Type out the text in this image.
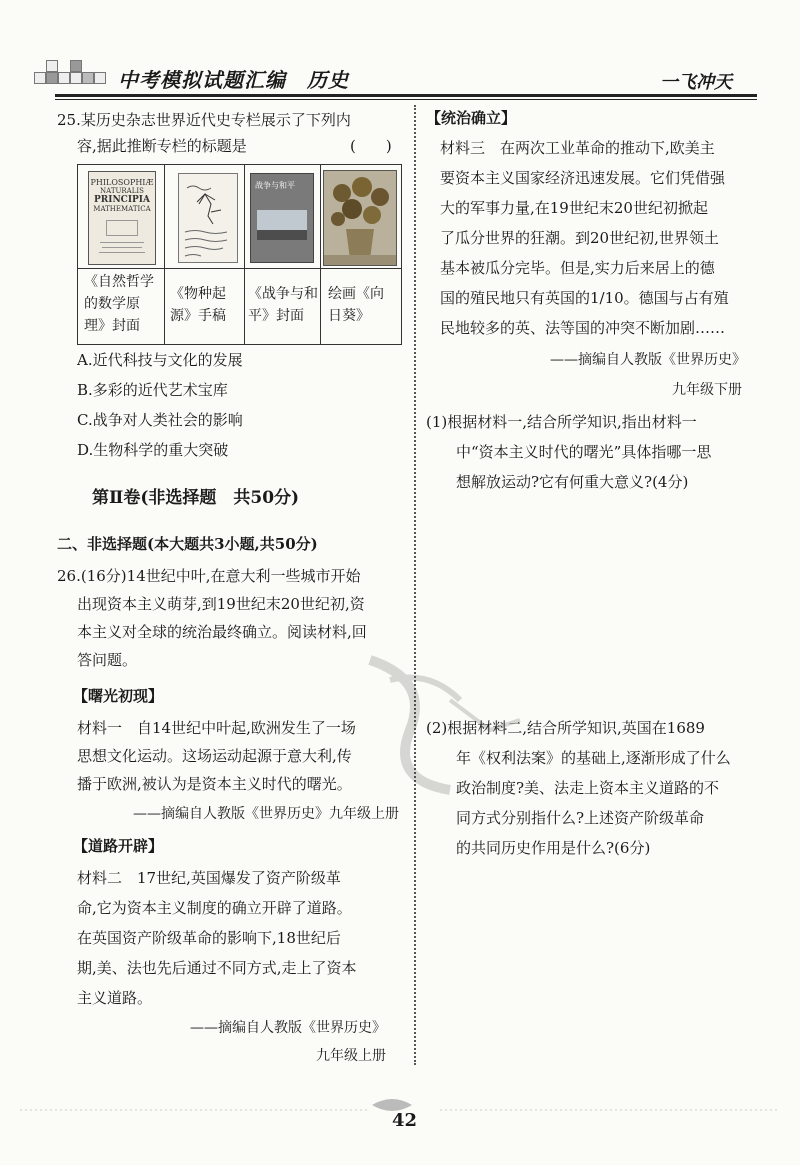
中考模拟试题汇编　历史	一飞冲天
25.某历史杂志世界近代史专栏展示了下列内
容,据此推断专栏的标题是	(　　)
PHILOSOPHIÆ
NATURALIS
PRINCIPIA
MATHEMATICA
战争与和平
《自然哲学
的数学原
理》封面
《物种起
源》手稿
《战争与和
平》封面
绘画《向
日葵》
A.近代科技与文化的发展
B.多彩的近代艺术宝库
C.战争对人类社会的影响
D.生物科学的重大突破
第Ⅱ卷(非选择题　共50分)
二、非选择题(本大题共3小题,共50分)
26.(16分)14世纪中叶,在意大利一些城市开始
出现资本主义萌芽,到19世纪末20世纪初,资
本主义对全球的统治最终确立。阅读材料,回
答问题。
【曙光初现】
材料一　自14世纪中叶起,欧洲发生了一场
思想文化运动。这场运动起源于意大利,传
播于欧洲,被认为是资本主义时代的曙光。
——摘编自人教版《世界历史》九年级上册
【道路开辟】
材料二　17世纪,英国爆发了资产阶级革
命,它为资本主义制度的确立开辟了道路。
在英国资产阶级革命的影响下,18世纪后
期,美、法也先后通过不同方式,走上了资本
主义道路。
——摘编自人教版《世界历史》
九年级上册
【统治确立】
材料三　在两次工业革命的推动下,欧美主
要资本主义国家经济迅速发展。它们凭借强
大的军事力量,在19世纪末20世纪初掀起
了瓜分世界的狂潮。到20世纪初,世界领土
基本被瓜分完毕。但是,实力后来居上的德
国的殖民地只有英国的1/10。德国与占有殖
民地较多的英、法等国的冲突不断加剧……
——摘编自人教版《世界历史》
九年级下册
(1)根据材料一,结合所学知识,指出材料一
中“资本主义时代的曙光”具体指哪一思
想解放运动?它有何重大意义?(4分)
(2)根据材料二,结合所学知识,英国在1689
年《权利法案》的基础上,逐渐形成了什么
政治制度?美、法走上资本主义道路的不
同方式分别指什么?上述资产阶级革命
的共同历史作用是什么?(6分)
42
